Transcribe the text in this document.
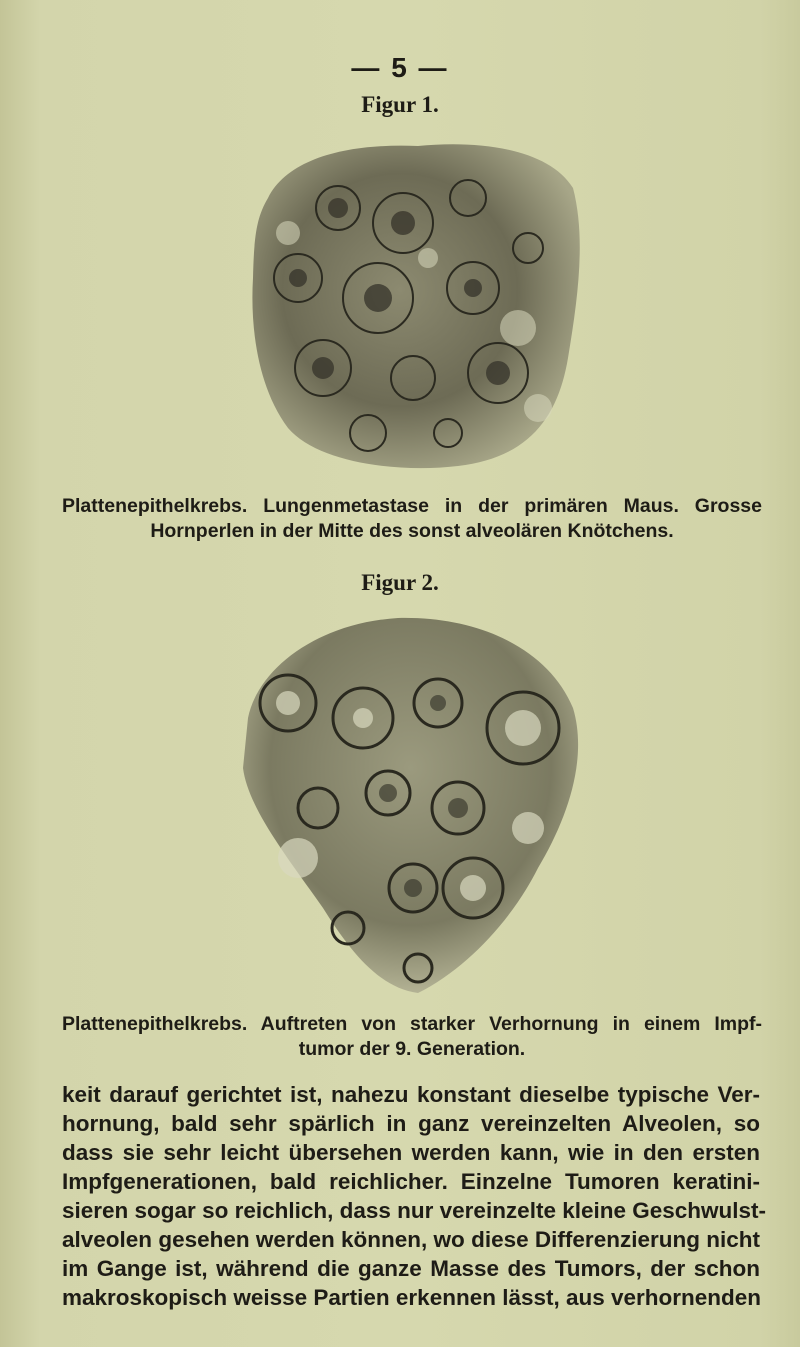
— 5 —
Figur 1.
Plattenepithelkrebs. Lungenmetastase in der primären Maus. Grosse
Hornperlen in der Mitte des sonst alveolären Knötchens.
Figur 2.
Plattenepithelkrebs. Auftreten von starker Verhornung in einem Impf-
tumor der 9. Generation.
keit darauf gerichtet ist, nahezu konstant dieselbe typische Ver-
hornung, bald sehr spärlich in ganz vereinzelten Alveolen, so
dass sie sehr leicht übersehen werden kann, wie in den ersten
Impfgenerationen, bald reichlicher. Einzelne Tumoren keratini-
sieren sogar so reichlich, dass nur vereinzelte kleine Geschwulst-
alveolen gesehen werden können, wo diese Differenzierung nicht
im Gange ist, während die ganze Masse des Tumors, der schon
makroskopisch weisse Partien erkennen lässt, aus verhornenden
